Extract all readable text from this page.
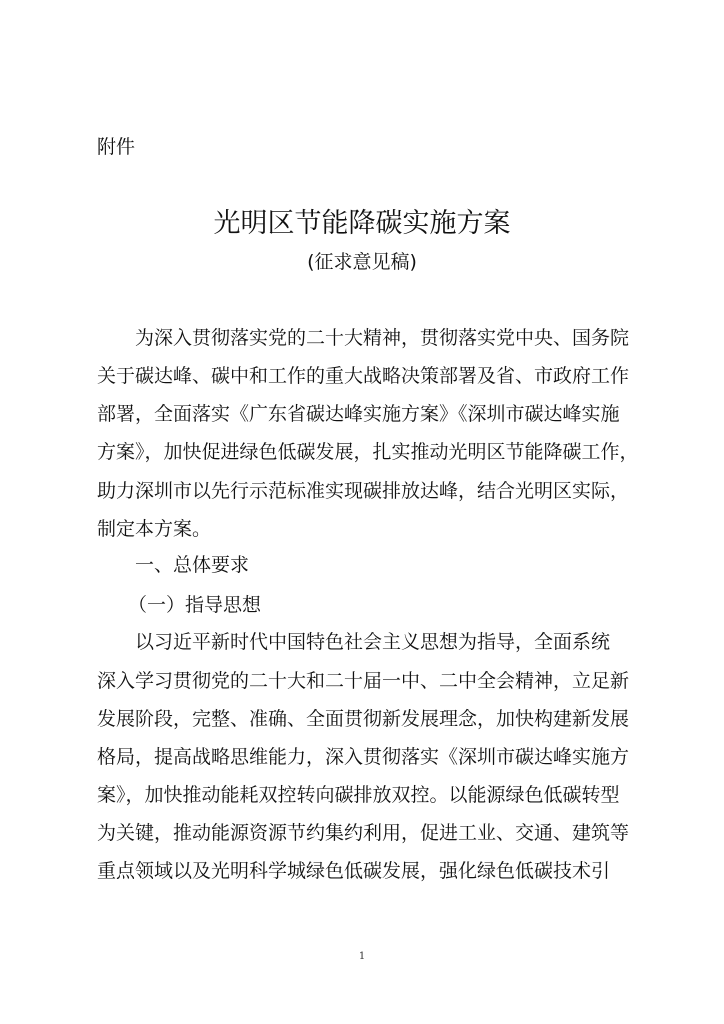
附件

光明区节能降碳实施方案

(征求意见稿)

为深入贯彻落实党的二十大精神，贯彻落实党中央、国务院

关于碳达峰、碳中和工作的重大战略决策部署及省、市政府工作

部署，全面落实《广东省碳达峰实施方案》《深圳市碳达峰实施

方案》，加快促进绿色低碳发展，扎实推动光明区节能降碳工作，

助力深圳市以先行示范标准实现碳排放达峰，结合光明区实际，

制定本方案。

一、总体要求

（一）指导思想

以习近平新时代中国特色社会主义思想为指导，全面系统

深入学习贯彻党的二十大和二十届一中、二中全会精神，立足新

发展阶段，完整、准确、全面贯彻新发展理念，加快构建新发展

格局，提高战略思维能力，深入贯彻落实《深圳市碳达峰实施方

案》，加快推动能耗双控转向碳排放双控。以能源绿色低碳转型

为关键，推动能源资源节约集约利用，促进工业、交通、建筑等

重点领域以及光明科学城绿色低碳发展，强化绿色低碳技术引

1
